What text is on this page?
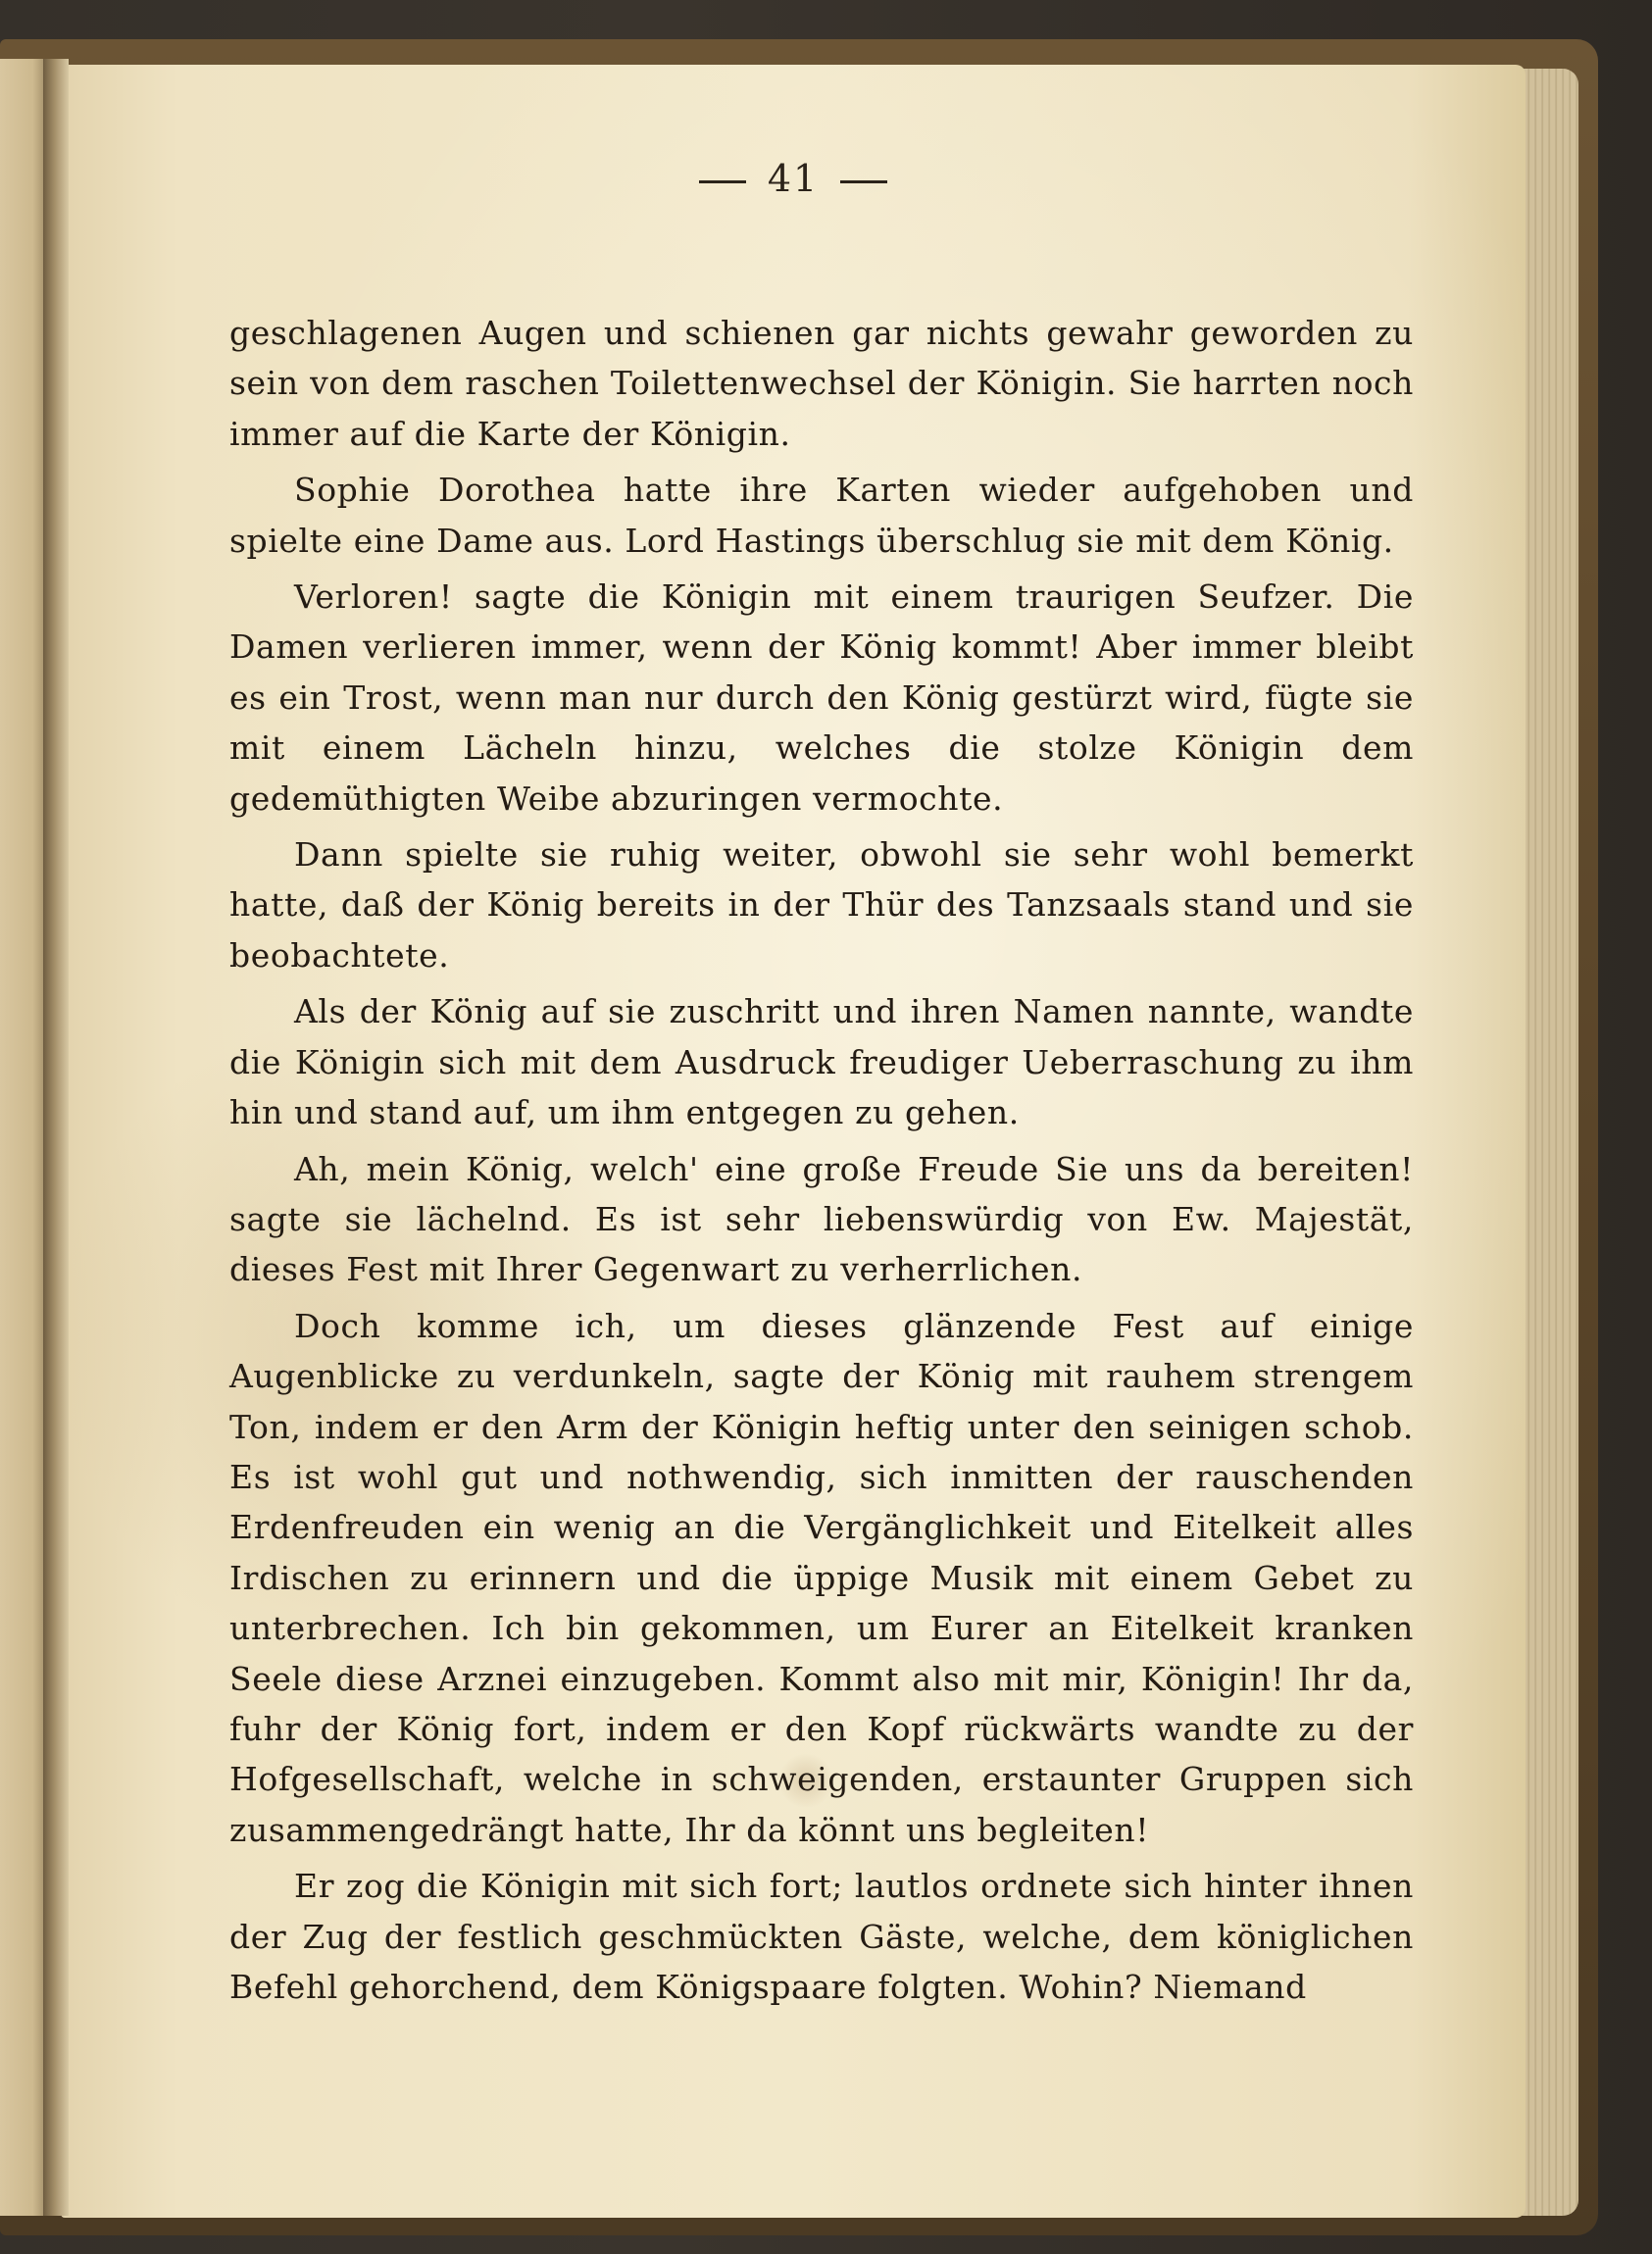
41

geschlagenen Augen und schienen gar nichts gewahr geworden zu sein von dem raschen Toilettenwechsel der Königin. Sie harrten noch immer auf die Karte der Königin.

Sophie Dorothea hatte ihre Karten wieder aufgehoben und spielte eine Dame aus. Lord Hastings überschlug sie mit dem König.

Verloren! sagte die Königin mit einem traurigen Seufzer. Die Damen verlieren immer, wenn der König kommt! Aber immer bleibt es ein Trost, wenn man nur durch den König gestürzt wird, fügte sie mit einem Lächeln hinzu, welches die stolze Königin dem gedemüthigten Weibe abzuringen vermochte.

Dann spielte sie ruhig weiter, obwohl sie sehr wohl bemerkt hatte, daß der König bereits in der Thür des Tanzsaals stand und sie beobachtete.

Als der König auf sie zuschritt und ihren Namen nannte, wandte die Königin sich mit dem Ausdruck freudiger Ueberraschung zu ihm hin und stand auf, um ihm entgegen zu gehen.

Ah, mein König, welch' eine große Freude Sie uns da bereiten! sagte sie lächelnd. Es ist sehr liebenswürdig von Ew. Majestät, dieses Fest mit Ihrer Gegenwart zu verherrlichen.

Doch komme ich, um dieses glänzende Fest auf einige Augenblicke zu verdunkeln, sagte der König mit rauhem strengem Ton, indem er den Arm der Königin heftig unter den seinigen schob. Es ist wohl gut und nothwendig, sich inmitten der rauschenden Erdenfreuden ein wenig an die Vergänglichkeit und Eitelkeit alles Irdischen zu erinnern und die üppige Musik mit einem Gebet zu unterbrechen. Ich bin gekommen, um Eurer an Eitelkeit kranken Seele diese Arznei einzugeben. Kommt also mit mir, Königin! Ihr da, fuhr der König fort, indem er den Kopf rückwärts wandte zu der Hofgesellschaft, welche in schweigenden, erstaunter Gruppen sich zusammengedrängt hatte, Ihr da könnt uns begleiten!

Er zog die Königin mit sich fort; lautlos ordnete sich hinter ihnen der Zug der festlich geschmückten Gäste, welche, dem königlichen Befehl gehorchend, dem Königspaare folgten. Wohin? Niemand
